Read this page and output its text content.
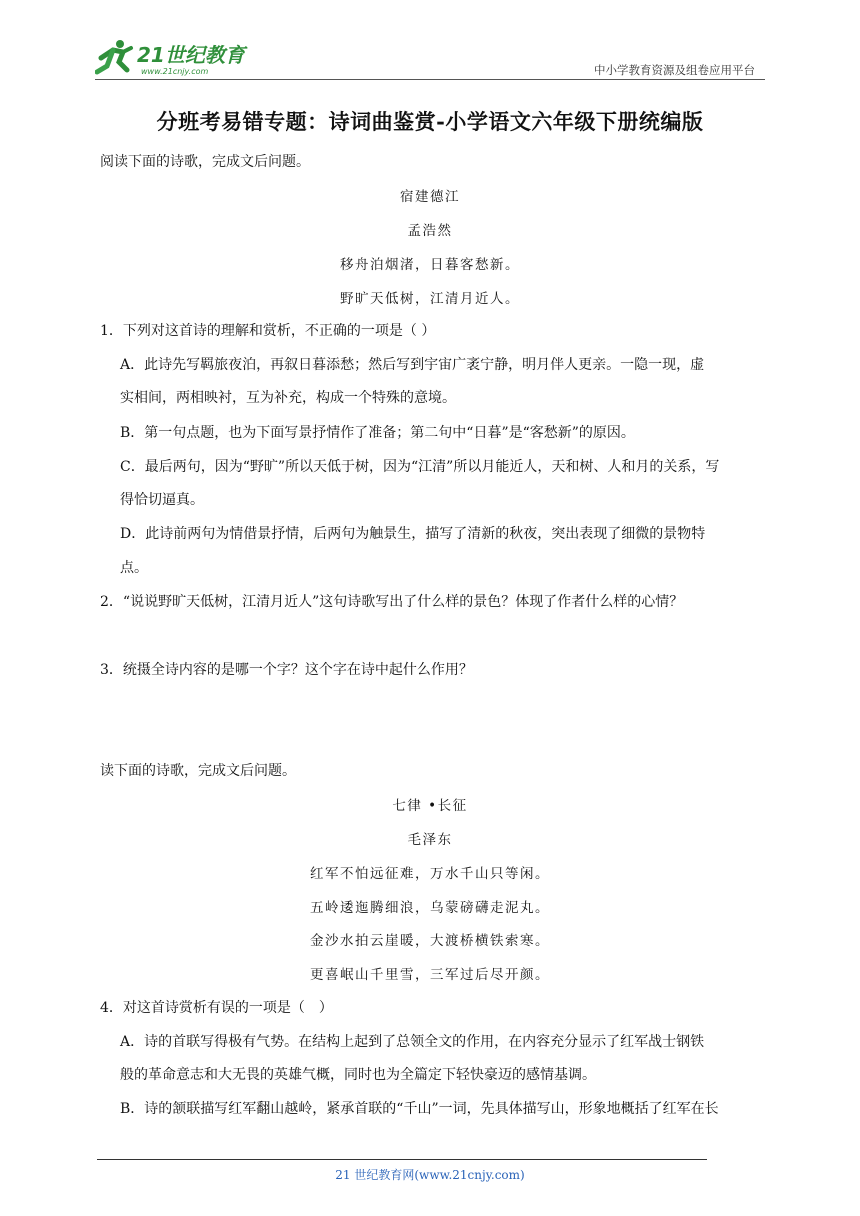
21世纪教育
www.21cnjy.com	中小学教育资源及组卷应用平台
分班考易错专题：诗词曲鉴赏-小学语文六年级下册统编版
阅读下面的诗歌，完成文后问题。
宿建德江
孟浩然
移舟泊烟渚，日暮客愁新。
野旷天低树，江清月近人。
1．下列对这首诗的理解和赏析，不正确的一项是（ ）
A．此诗先写羁旅夜泊，再叙日暮添愁；然后写到宇宙广袤宁静，明月伴人更亲。一隐一现，虚
实相间，两相映衬，互为补充，构成一个特殊的意境。
B．第一句点题，也为下面写景抒情作了准备；第二句中“日暮”是“客愁新”的原因。
C．最后两句，因为“野旷”所以天低于树，因为“江清”所以月能近人，天和树、人和月的关系，写
得恰切逼真。
D．此诗前两句为情借景抒情，后两句为触景生，描写了清新的秋夜，突出表现了细微的景物特
点。
2．“说说野旷天低树，江清月近人”这句诗歌写出了什么样的景色？体现了作者什么样的心情？
3．统摄全诗内容的是哪一个字？这个字在诗中起什么作用？
读下面的诗歌，完成文后问题。
七律 •长征
毛泽东
红军不怕远征难，万水千山只等闲。
五岭逶迤腾细浪，乌蒙磅礴走泥丸。
金沙水拍云崖暖，大渡桥横铁索寒。
更喜岷山千里雪，三军过后尽开颜。
4．对这首诗赏析有误的一项是（　）
A．诗的首联写得极有气势。在结构上起到了总领全文的作用，在内容充分显示了红军战士钢铁
般的革命意志和大无畏的英雄气概，同时也为全篇定下轻快豪迈的感情基调。
B．诗的颔联描写红军翻山越岭，紧承首联的“千山”一词，先具体描写山，形象地概括了红军在长
21 世纪教育网(www.21cnjy.com)
